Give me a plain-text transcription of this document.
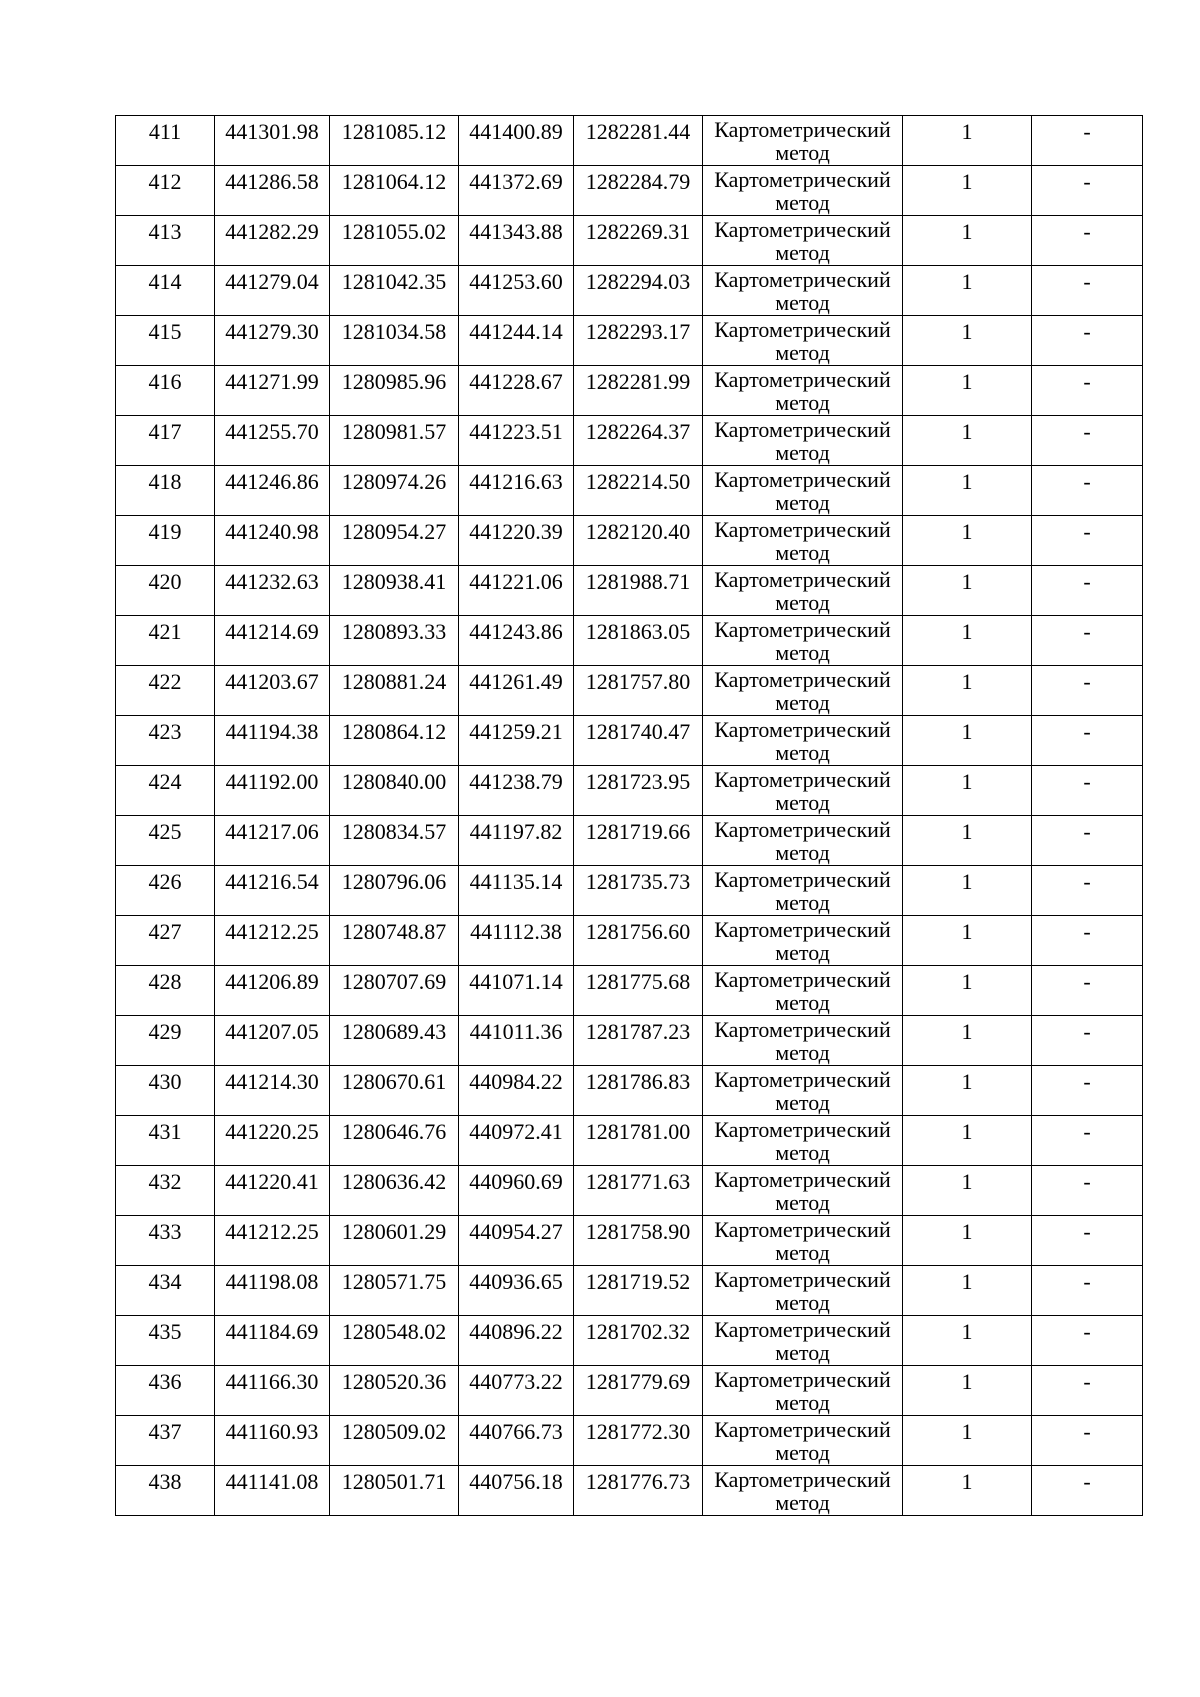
411	441301.98	1281085.12	441400.89	1282281.44	Картометрический
метод	1	-
412	441286.58	1281064.12	441372.69	1282284.79	Картометрический
метод	1	-
413	441282.29	1281055.02	441343.88	1282269.31	Картометрический
метод	1	-
414	441279.04	1281042.35	441253.60	1282294.03	Картометрический
метод	1	-
415	441279.30	1281034.58	441244.14	1282293.17	Картометрический
метод	1	-
416	441271.99	1280985.96	441228.67	1282281.99	Картометрический
метод	1	-
417	441255.70	1280981.57	441223.51	1282264.37	Картометрический
метод	1	-
418	441246.86	1280974.26	441216.63	1282214.50	Картометрический
метод	1	-
419	441240.98	1280954.27	441220.39	1282120.40	Картометрический
метод	1	-
420	441232.63	1280938.41	441221.06	1281988.71	Картометрический
метод	1	-
421	441214.69	1280893.33	441243.86	1281863.05	Картометрический
метод	1	-
422	441203.67	1280881.24	441261.49	1281757.80	Картометрический
метод	1	-
423	441194.38	1280864.12	441259.21	1281740.47	Картометрический
метод	1	-
424	441192.00	1280840.00	441238.79	1281723.95	Картометрический
метод	1	-
425	441217.06	1280834.57	441197.82	1281719.66	Картометрический
метод	1	-
426	441216.54	1280796.06	441135.14	1281735.73	Картометрический
метод	1	-
427	441212.25	1280748.87	441112.38	1281756.60	Картометрический
метод	1	-
428	441206.89	1280707.69	441071.14	1281775.68	Картометрический
метод	1	-
429	441207.05	1280689.43	441011.36	1281787.23	Картометрический
метод	1	-
430	441214.30	1280670.61	440984.22	1281786.83	Картометрический
метод	1	-
431	441220.25	1280646.76	440972.41	1281781.00	Картометрический
метод	1	-
432	441220.41	1280636.42	440960.69	1281771.63	Картометрический
метод	1	-
433	441212.25	1280601.29	440954.27	1281758.90	Картометрический
метод	1	-
434	441198.08	1280571.75	440936.65	1281719.52	Картометрический
метод	1	-
435	441184.69	1280548.02	440896.22	1281702.32	Картометрический
метод	1	-
436	441166.30	1280520.36	440773.22	1281779.69	Картометрический
метод	1	-
437	441160.93	1280509.02	440766.73	1281772.30	Картометрический
метод	1	-
438	441141.08	1280501.71	440756.18	1281776.73	Картометрический
метод	1	-
